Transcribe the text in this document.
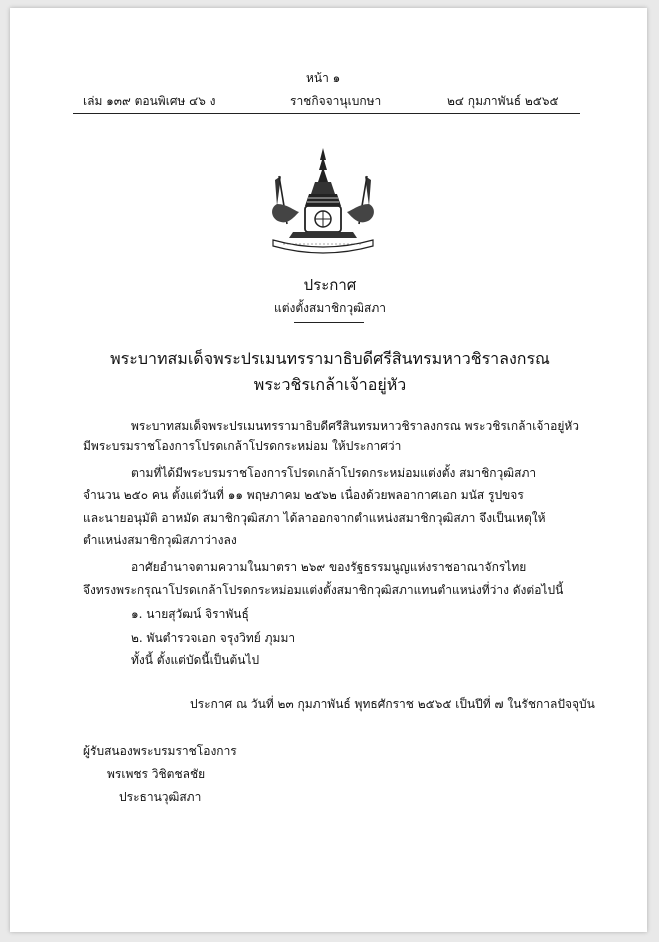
หน้า ๑
เล่ม ๑๓๙ ตอนพิเศษ ๔๖ ง	ราชกิจจานุเบกษา	๒๔ กุมภาพันธ์ ๒๕๖๕
ประกาศ
แต่งตั้งสมาชิกวุฒิสภา
พระบาทสมเด็จพระปรเมนทรรามาธิบดีศรีสินทรมหาวชิราลงกรณ
พระวชิรเกล้าเจ้าอยู่หัว
พระบาทสมเด็จพระปรเมนทรรามาธิบดีศรีสินทรมหาวชิราลงกรณ พระวชิรเกล้าเจ้าอยู่หัว
มีพระบรมราชโองการโปรดเกล้าโปรดกระหม่อม ให้ประกาศว่า
ตามที่ได้มีพระบรมราชโองการโปรดเกล้าโปรดกระหม่อมแต่งตั้ง สมาชิกวุฒิสภา
จำนวน ๒๕๐ คน ตั้งแต่วันที่ ๑๑ พฤษภาคม ๒๕๖๒ เนื่องด้วยพลอากาศเอก มนัส รูปขจร
และนายอนุมัติ อาหมัด สมาชิกวุฒิสภา ได้ลาออกจากตำแหน่งสมาชิกวุฒิสภา จึงเป็นเหตุให้
ตำแหน่งสมาชิกวุฒิสภาว่างลง
อาศัยอำนาจตามความในมาตรา ๒๖๙ ของรัฐธรรมนูญแห่งราชอาณาจักรไทย
จึงทรงพระกรุณาโปรดเกล้าโปรดกระหม่อมแต่งตั้งสมาชิกวุฒิสภาแทนตำแหน่งที่ว่าง ดังต่อไปนี้
๑. นายสุวัฒน์ จิราพันธุ์
๒. พันตำรวจเอก จรุงวิทย์ ภุมมา
ทั้งนี้ ตั้งแต่บัดนี้เป็นต้นไป
ประกาศ ณ วันที่ ๒๓ กุมภาพันธ์ พุทธศักราช ๒๕๖๕ เป็นปีที่ ๗ ในรัชกาลปัจจุบัน
ผู้รับสนองพระบรมราชโองการ
พรเพชร วิชิตชลชัย
ประธานวุฒิสภา
